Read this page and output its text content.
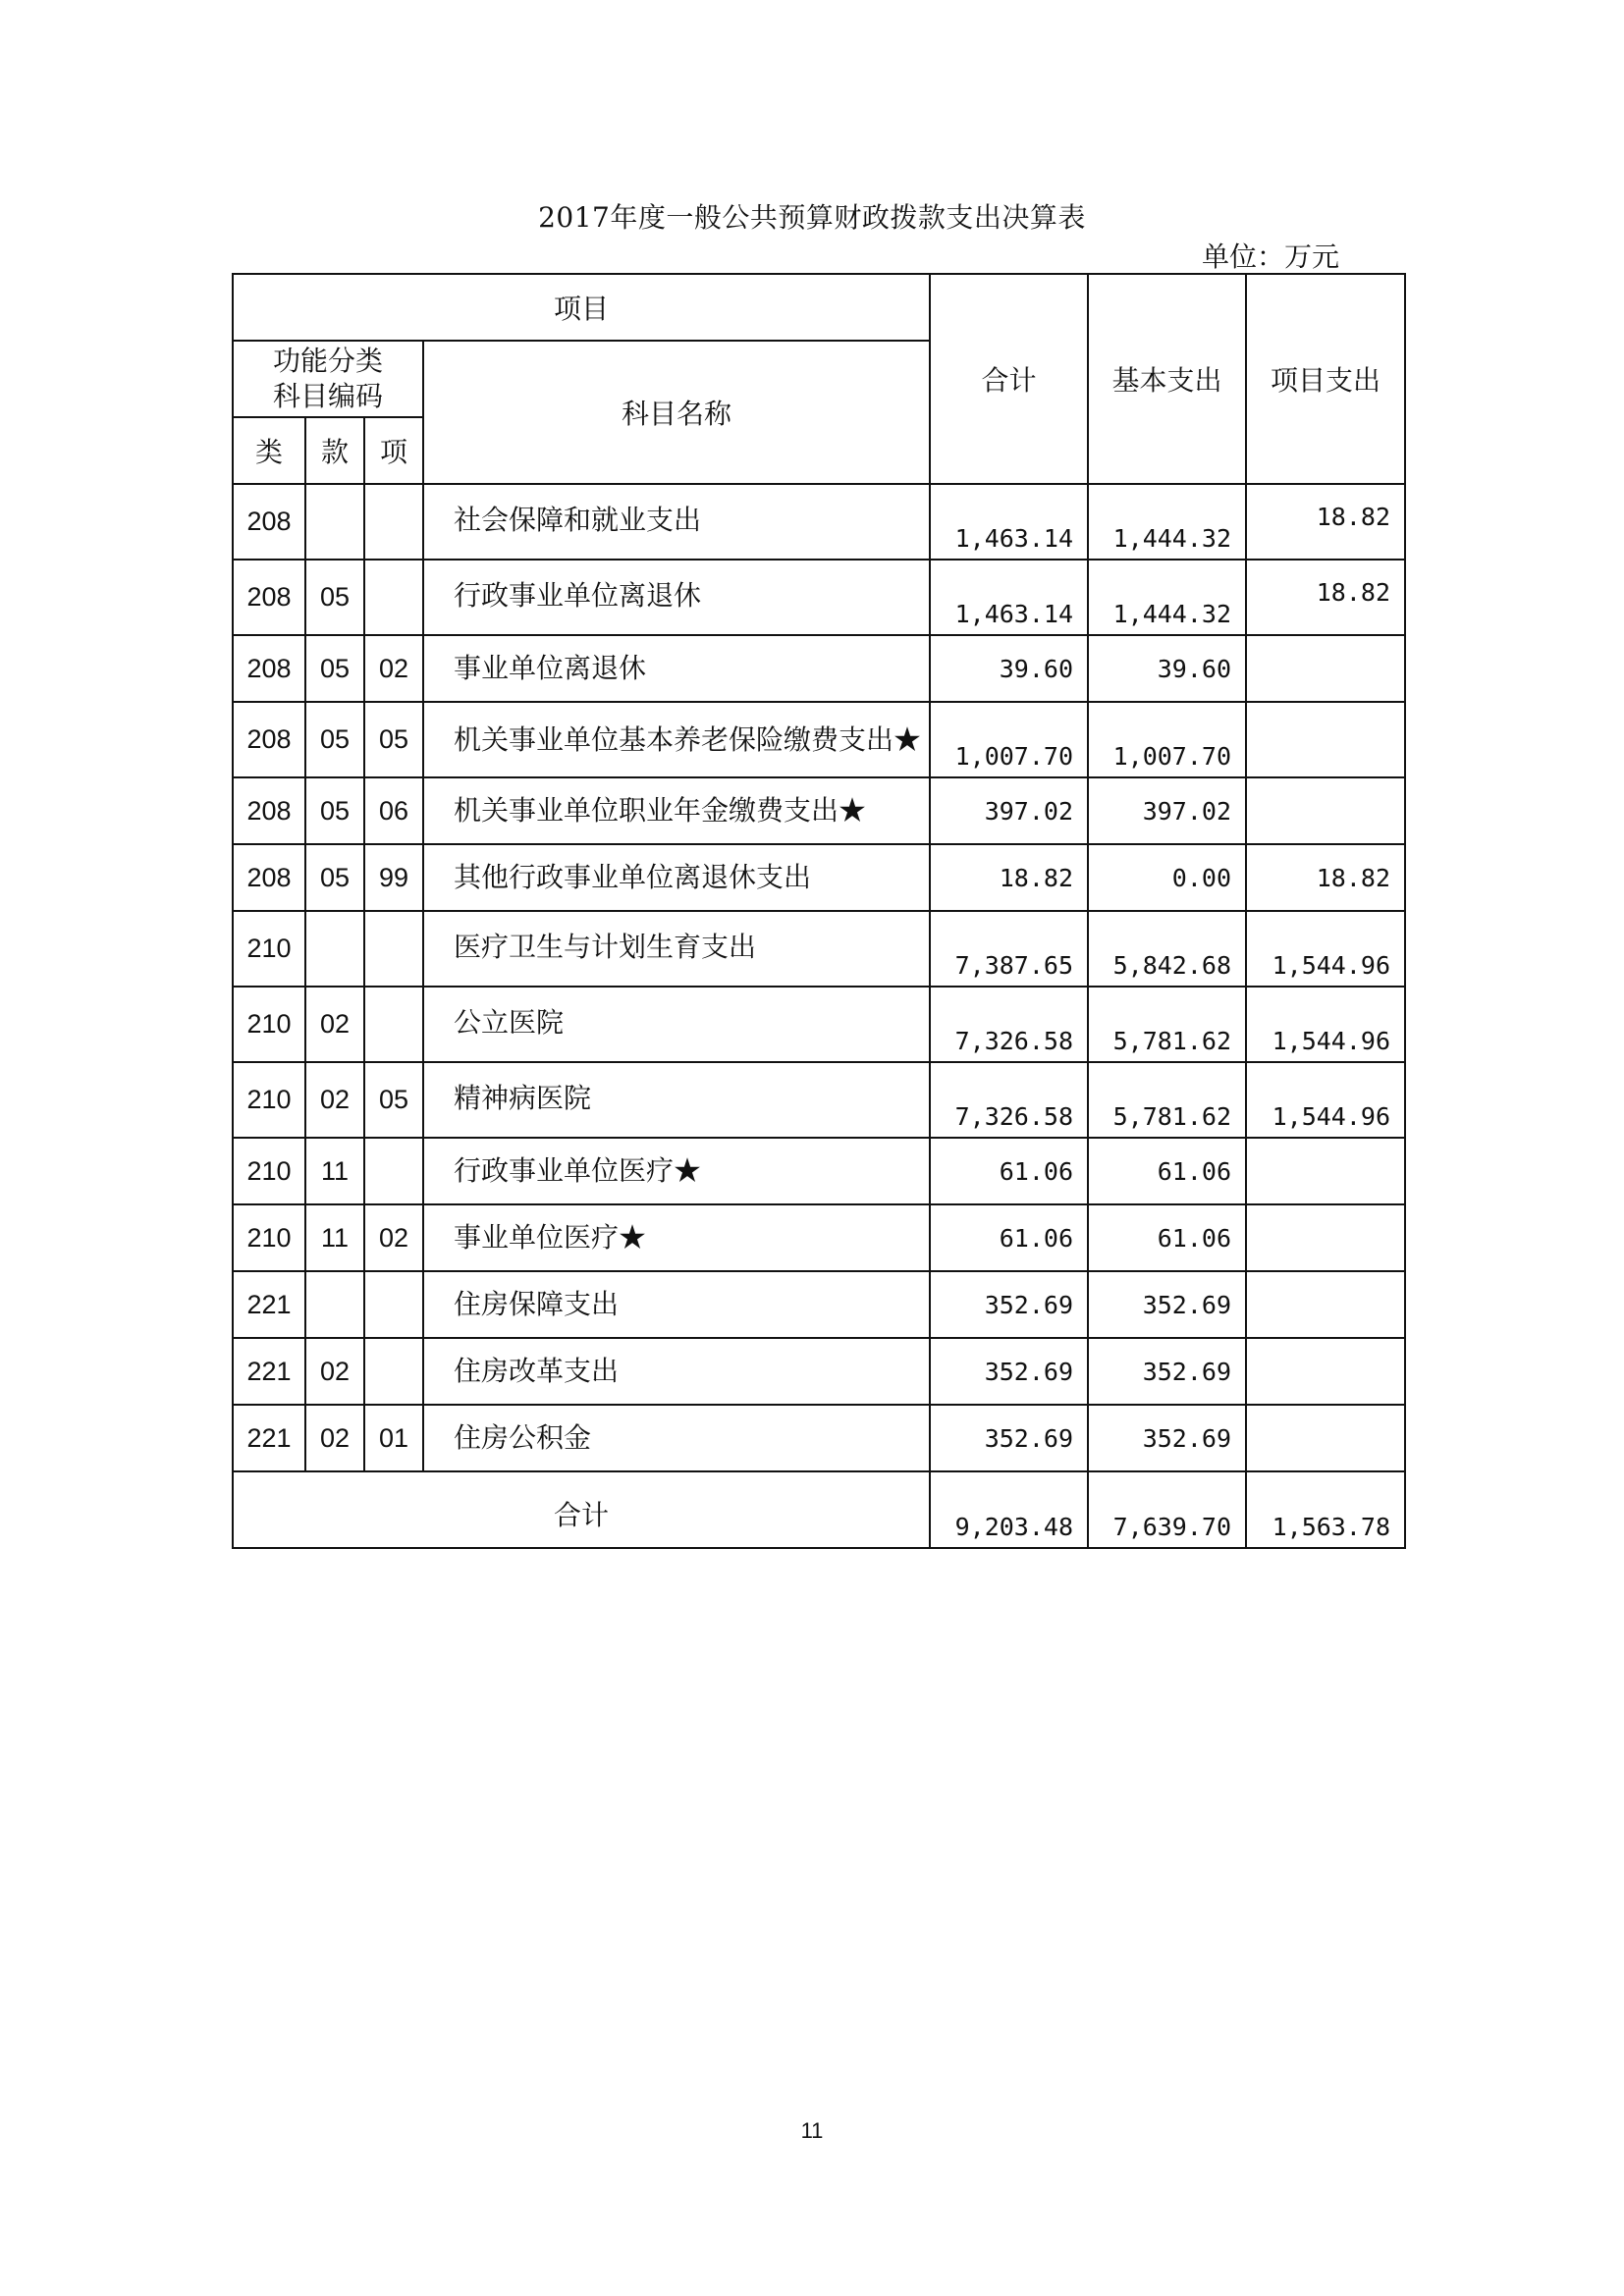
2017年度一般公共预算财政拨款支出决算表
单位：万元
项目				合计	基本支出	项目支出

功能分类
科目编码			科目名称			
类	款	项				
208			社会保障和就业支出	1,463.14	1,444.32	18.82
208	05		行政事业单位离退休	1,463.14	1,444.32	18.82
208	05	02	事业单位离退休	39.60	39.60	
208	05	05	机关事业单位基本养老保险缴费支出★	1,007.70	1,007.70	
208	05	06	机关事业单位职业年金缴费支出★	397.02	397.02	
208	05	99	其他行政事业单位离退休支出	18.82	0.00	18.82
210			医疗卫生与计划生育支出	7,387.65	5,842.68	1,544.96
210	02		公立医院	7,326.58	5,781.62	1,544.96
210	02	05	精神病医院	7,326.58	5,781.62	1,544.96
210	11		行政事业单位医疗★	61.06	61.06	
210	11	02	事业单位医疗★	61.06	61.06	
221			住房保障支出	352.69	352.69	
221	02		住房改革支出	352.69	352.69	
221	02	01	住房公积金	352.69	352.69	
合计				9,203.48	7,639.70	1,563.78
11
